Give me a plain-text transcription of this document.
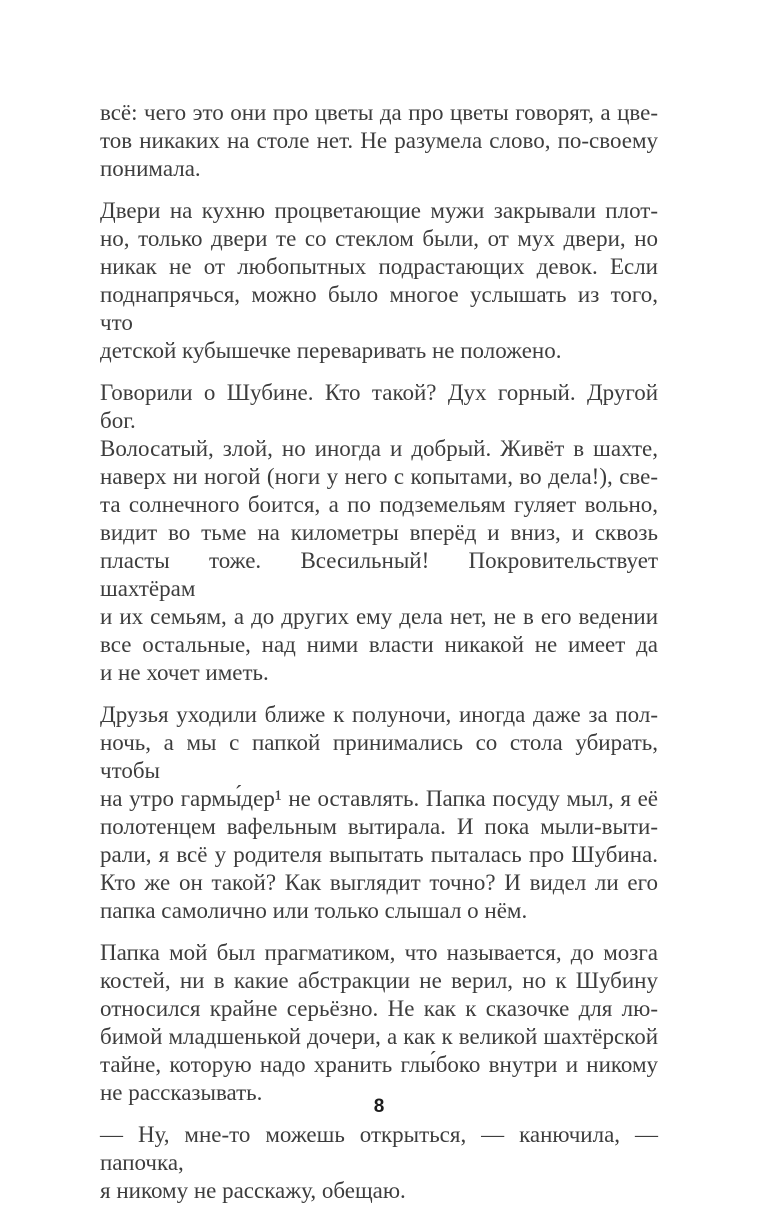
всё: чего это они про цветы да про цветы говорят, а цве-
тов никаких на столе нет. Не разумела слово, по-своему
понимала.

Двери на кухню процветающие мужи закрывали плот-
но, только двери те со стеклом были, от мух двери, но
никак не от любопытных подрастающих девок. Если
поднапрячься, можно было многое услышать из того, что
детской кубышечке переваривать не положено.

Говорили о Шубине. Кто такой? Дух горный. Другой бог.
Волосатый, злой, но иногда и добрый. Живёт в шахте,
наверх ни ногой (ноги у него с копытами, во дела!), све-
та солнечного боится, а по подземельям гуляет вольно,
видит во тьме на километры вперёд и вниз, и сквозь
пласты тоже. Всесильный! Покровительствует шахтёрам
и их семьям, а до других ему дела нет, не в его ведении
все остальные, над ними власти никакой не имеет да
и не хочет иметь.

Друзья уходили ближе к полуночи, иногда даже за пол-
ночь, а мы с папкой принимались со стола убирать, чтобы
на утро гармы́дер¹ не оставлять. Папка посуду мыл, я её
полотенцем вафельным вытирала. И пока мыли-выти-
рали, я всё у родителя выпытать пыталась про Шубина.
Кто же он такой? Как выглядит точно? И видел ли его
папка самолично или только слышал о нём.

Папка мой был прагматиком, что называется, до мозга
костей, ни в какие абстракции не верил, но к Шубину
относился крайне серьёзно. Не как к сказочке для лю-
бимой младшенькой дочери, а как к великой шахтёрской
тайне, которую надо хранить глы́боко внутри и никому
не рассказывать.

— Ну, мне-то можешь открыться, — канючила, — папочка,
я никому не расскажу, обещаю.

8
